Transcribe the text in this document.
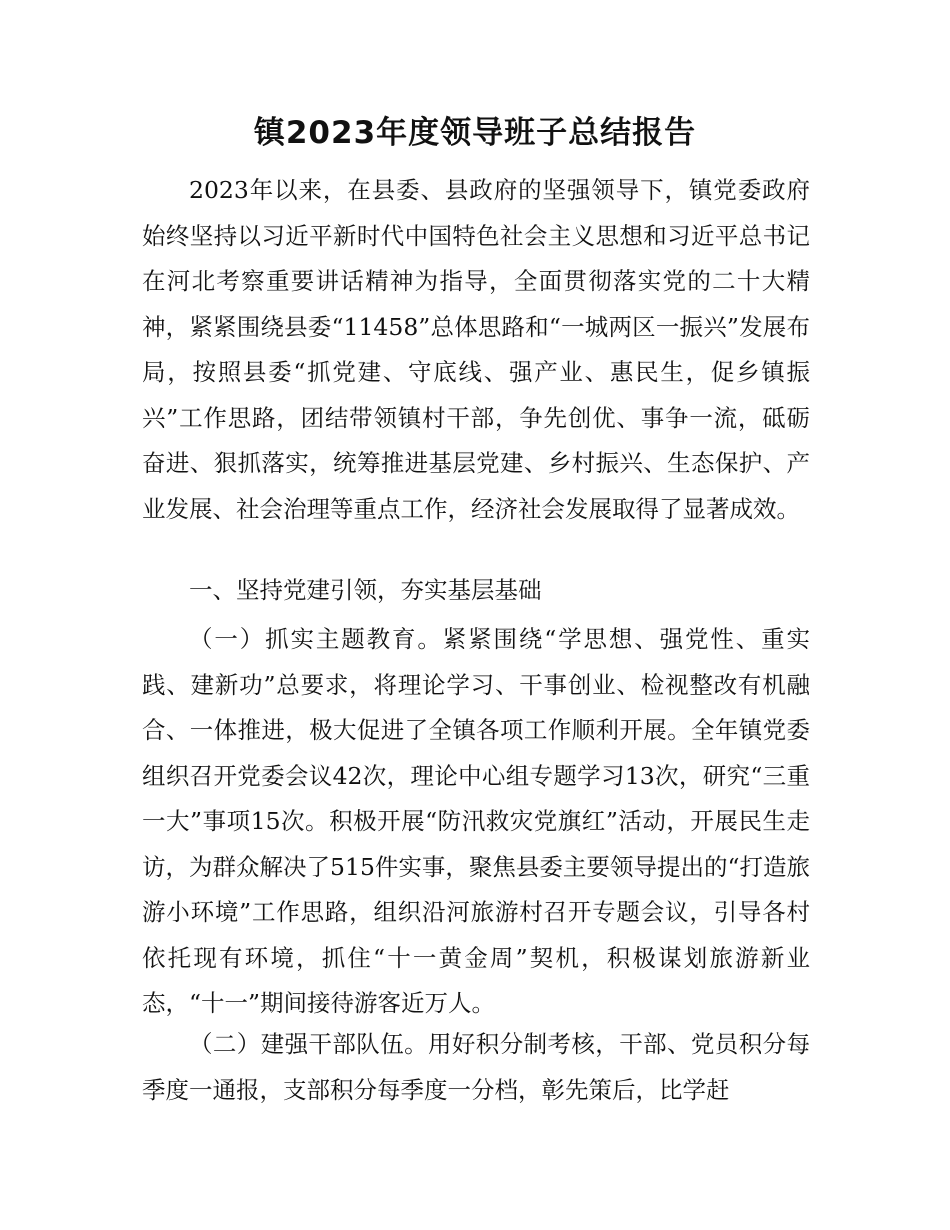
镇2023年度领导班子总结报告

2023年以来，在县委、县政府的坚强领导下，镇党委政府始终坚持以习近平新时代中国特色社会主义思想和习近平总书记在河北考察重要讲话精神为指导，全面贯彻落实党的二十大精神，紧紧围绕县委“11458”总体思路和“一城两区一振兴”发展布局，按照县委“抓党建、守底线、强产业、惠民生，促乡镇振兴”工作思路，团结带领镇村干部，争先创优、事争一流，砥砺奋进、狠抓落实，统筹推进基层党建、乡村振兴、生态保护、产业发展、社会治理等重点工作，经济社会发展取得了显著成效。

一、坚持党建引领，夯实基层基础

（一）抓实主题教育。紧紧围绕“学思想、强党性、重实践、建新功”总要求，将理论学习、干事创业、检视整改有机融合、一体推进，极大促进了全镇各项工作顺利开展。全年镇党委组织召开党委会议42次，理论中心组专题学习13次，研究“三重一大”事项15次。积极开展“防汛救灾党旗红”活动，开展民生走访，为群众解决了515件实事，聚焦县委主要领导提出的“打造旅游小环境”工作思路，组织沿河旅游村召开专题会议，引导各村依托现有环境，抓住“十一黄金周”契机，积极谋划旅游新业态，“十一”期间接待游客近万人。

（二）建强干部队伍。用好积分制考核，干部、党员积分每季度一通报，支部积分每季度一分档，彰先策后，比学赶
